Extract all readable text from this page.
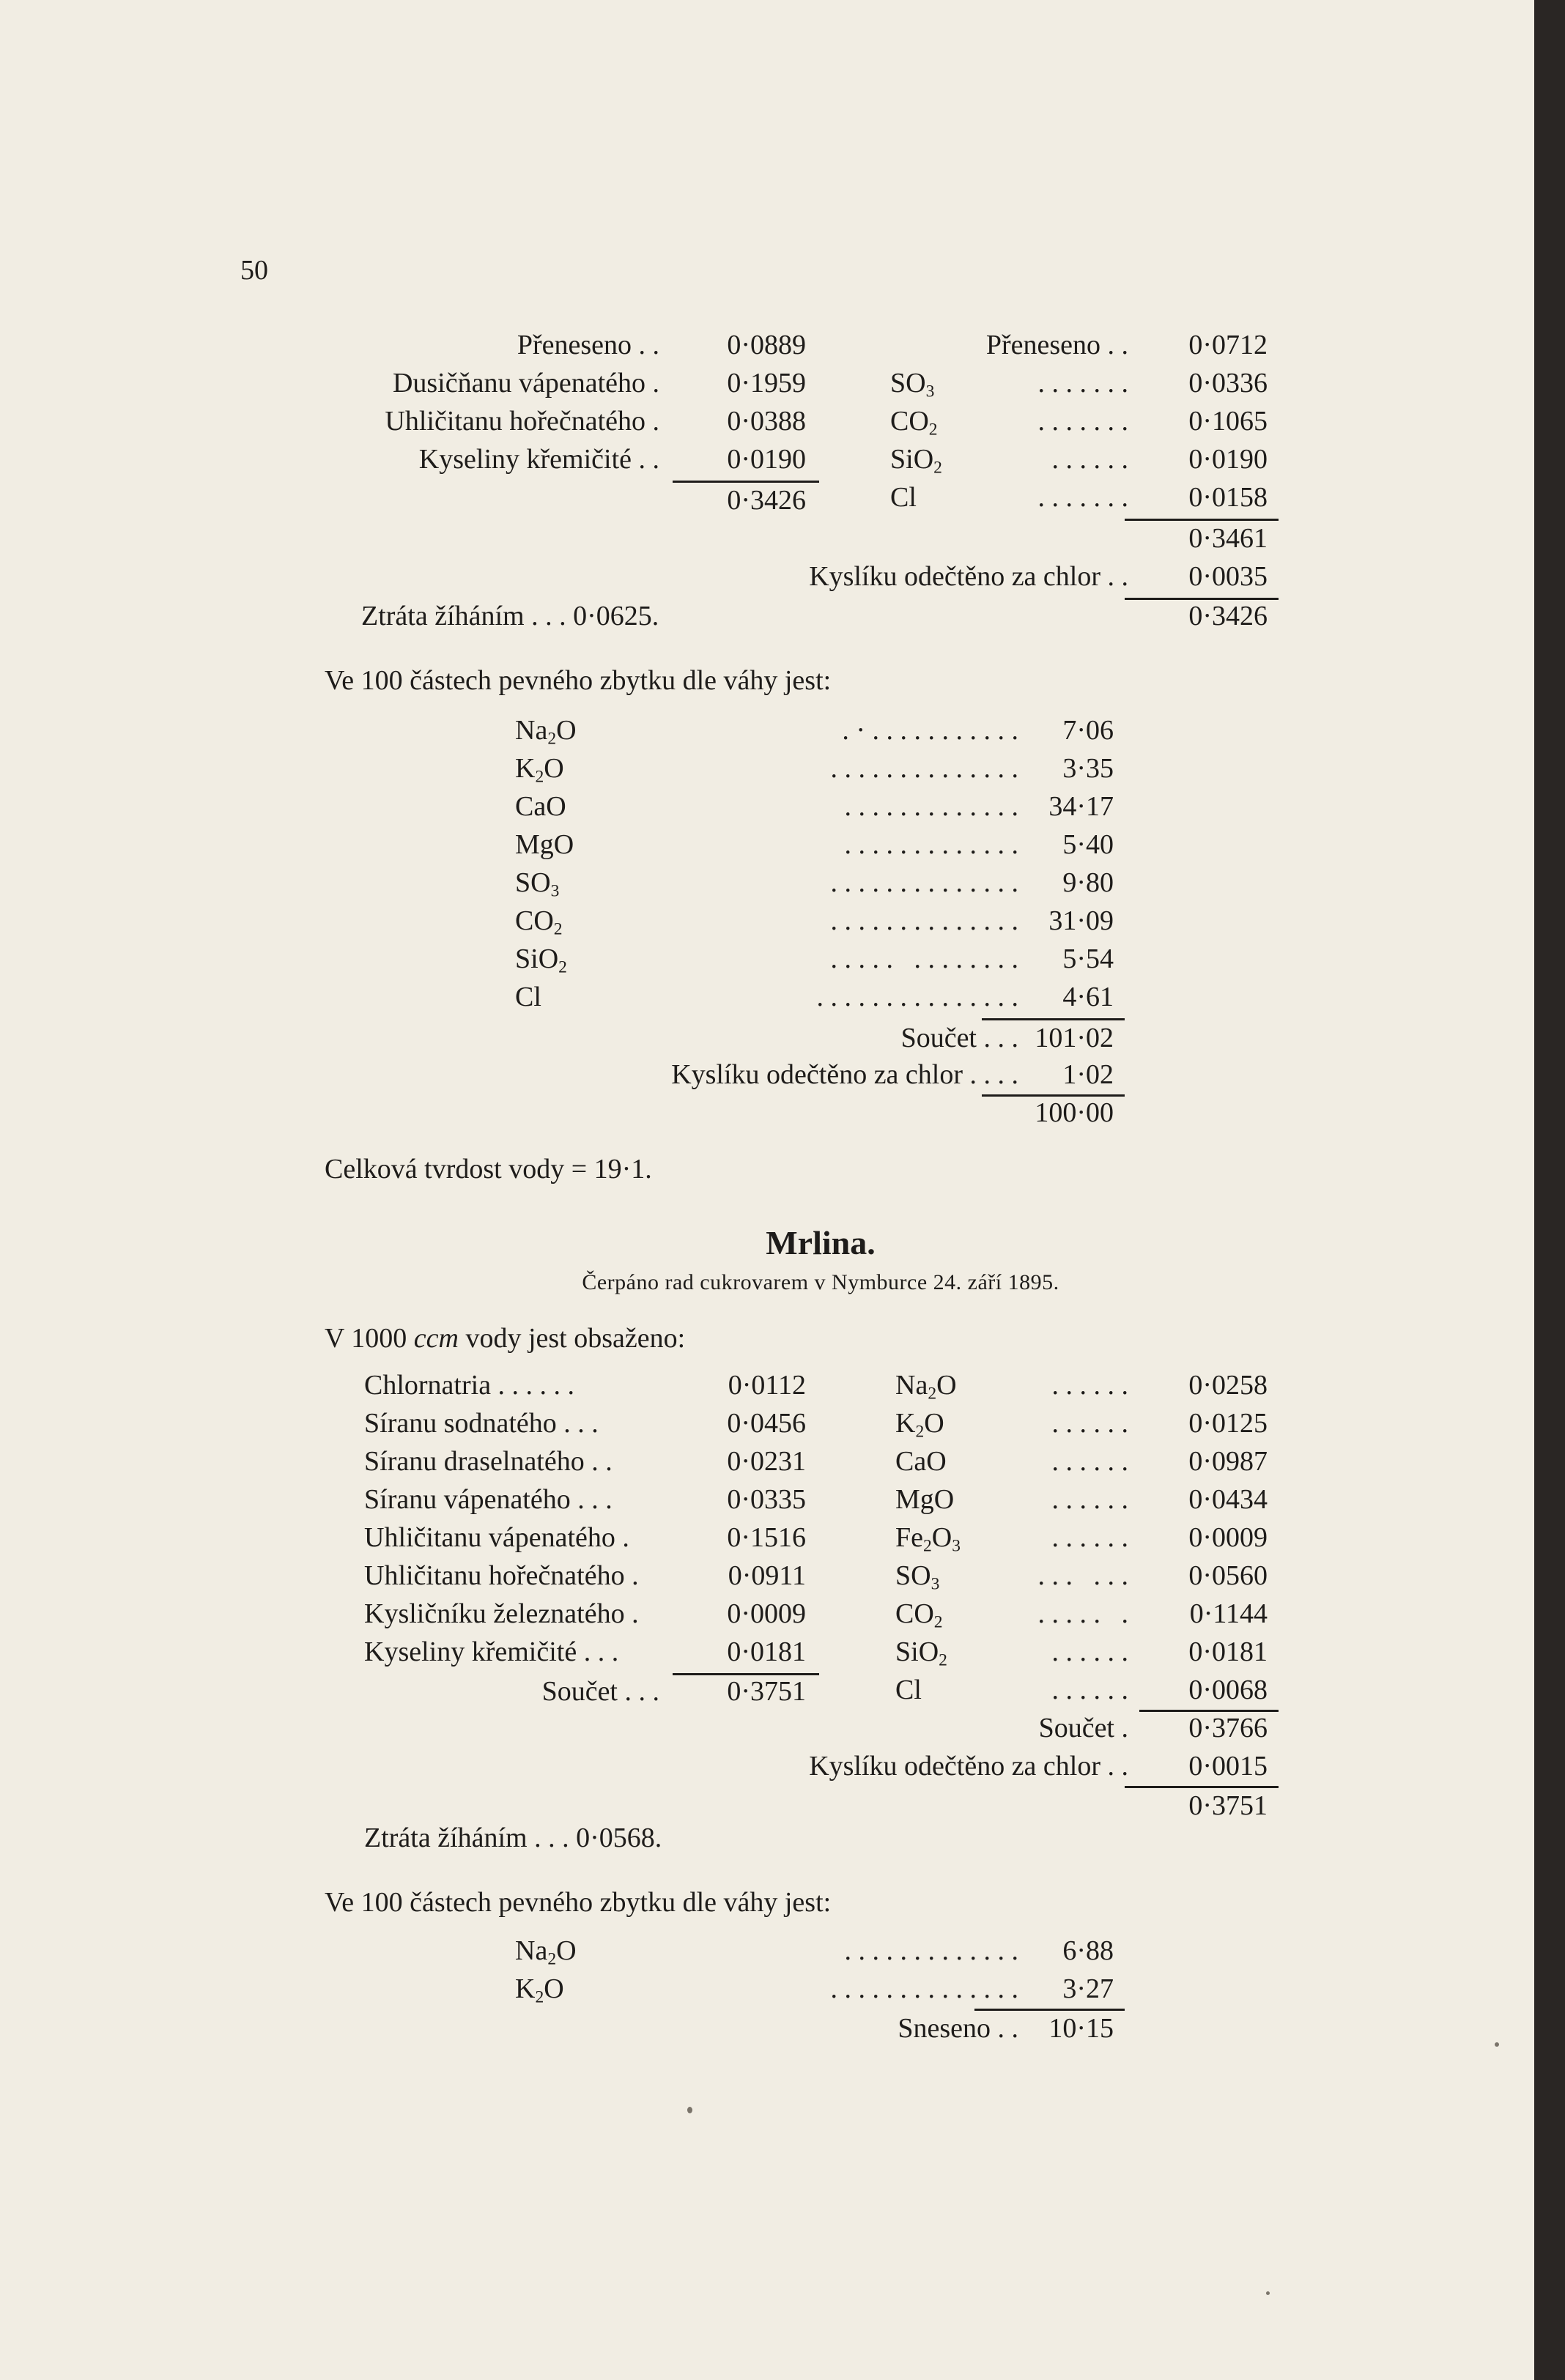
50
Přeneseno . .	0·0889
Dusičňanu vápenatého .	0·1959
Uhličitanu hořečnatého .	0·0388
Kyseliny křemičité . .	0·0190
0·3426
Přeneseno . .	0·0712
$SO_3$	. . . . . . .	0·0336
$CO_2$	. . . . . . .	0·1065
SiO$_2$	. . . . . .	0·0190
Cl	. . . . . . .	0·0158
0·3461
Kyslíku odečtěno za chlor . .	0·0035
0·3426
Ztráta žíháním . . . 0·0625.
Ve 100 částech pevného zbytku dle váhy jest:
$Na_2O$	. · . . . . . . . . . . .	7·06
$K_2O$	. . . . . . . . . . . . . .	3·35
CaO	. . . . . . . . . . . . .	34·17
MgO	. . . . . . . . . . . . .	5·40
$SO_3$	. . . . . . . . . . . . . .	9·80
$CO_2$	. . . . . . . . . . . . . .	31·09
SiO$_2$	. . . . .   . . . . . . . .	5·54
Cl	. . . . . . . . . . . . . . .	4·61
Součet . . . 101·02
Kyslíku odečtěno za chlor . . . .	1·02
100·00
Celková tvrdost vody = 19·1.
Mrlina.
Čerpáno rad cukrovarem v Nymburce 24. září 1895.
V 1000 ccm vody jest obsaženo:
Chlornatria . . . . . .	0·0112
Síranu sodnatého . . .	0·0456
Síranu draselnatého . .	0·0231
Síranu vápenatého . . .	0·0335
Uhličitanu vápenatého .	0·1516
Uhličitanu hořečnatého .	0·0911
Kysličníku železnatého .	0·0009
Kyseliny křemičité . . .	0·0181
Součet . . .	0·3751
$Na_2O$	. . . . . .	0·0258
$K_2O$	. . . . . .	0·0125
CaO	. . . . . .	0·0987
MgO	. . . . . .	0·0434
$Fe_2O_3$	. . . . . .	0·0009
$SO_3$	. . .   . . .	0·0560
$CO_2$	. . . . .   .	0·1144
SiO$_2$	. . . . . .	0·0181
Cl	. . . . . .	0·0068
Součet .	0·3766
Kyslíku odečtěno za chlor . .	0·0015
0·3751
Ztráta žíháním . . . 0·0568.
Ve 100 částech pevného zbytku dle váhy jest:
$Na_2O$	. . . . . . . . . . . . .	6·88
$K_2O$	. . . . . . . . . . . . . .	3·27
Sneseno . .	10·15
